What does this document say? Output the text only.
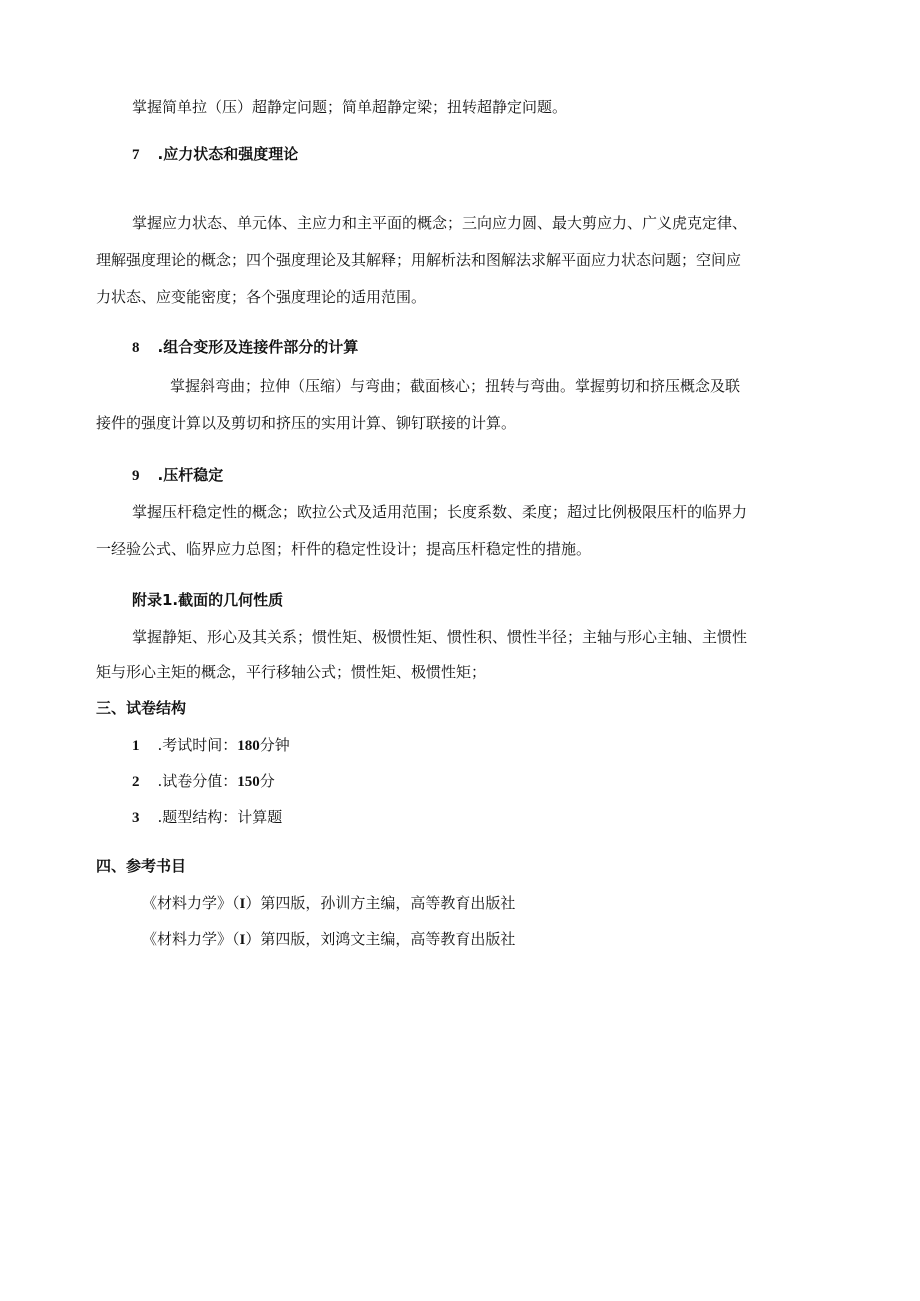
掌握简单拉（压）超静定问题；简单超静定梁；扭转超静定问题。
7 .应力状态和强度理论
掌握应力状态、单元体、主应力和主平面的概念；三向应力圆、最大剪应力、广义虎克定律、
理解强度理论的概念；四个强度理论及其解释；用解析法和图解法求解平面应力状态问题；空间应
力状态、应变能密度；各个强度理论的适用范围。
8 .组合变形及连接件部分的计算
掌握斜弯曲；拉伸（压缩）与弯曲；截面核心；扭转与弯曲。掌握剪切和挤压概念及联
接件的强度计算以及剪切和挤压的实用计算、铆钉联接的计算。
9 .压杆稳定
掌握压杆稳定性的概念；欧拉公式及适用范围；长度系数、柔度；超过比例极限压杆的临界力
一经验公式、临界应力总图；杆件的稳定性设计；提高压杆稳定性的措施。
附录1.截面的几何性质
掌握静矩、形心及其关系；惯性矩、极惯性矩、惯性积、惯性半径；主轴与形心主轴、主惯性
矩与形心主矩的概念，平行移轴公式；惯性矩、极惯性矩；
三、试卷结构
1 .考试时间：180分钟
2 .试卷分值：150分
3 .题型结构：计算题
四、参考书目
《材料力学》（I）第四版，孙训方主编，高等教育出版社
《材料力学》（I）第四版，刘鸿文主编，高等教育出版社
